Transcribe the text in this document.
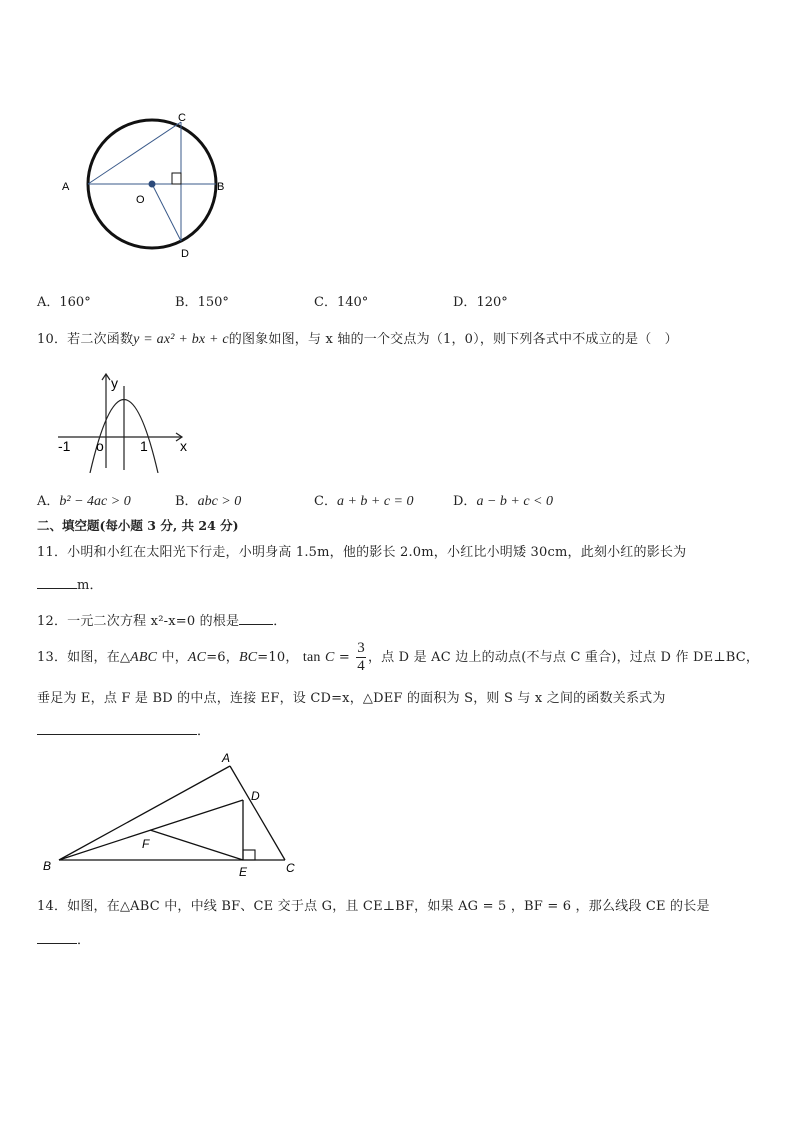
C
A	B
O
D
A．160°	B．150°	C．140°	D．120°
10．若二次函数y = ax² + bx + c的图象如图，与 x 轴的一个交点为（1，0），则下列各式中不成立的是（　）
y
x
-1 o	1
A．b² − 4ac > 0	B．abc > 0	C．a + b + c = 0	D．a − b + c < 0
二、填空题(每小题 3 分, 共 24 分)
11．小明和小红在太阳光下行走，小明身高 1.5m，他的影长 2.0m，小红比小明矮 30cm，此刻小红的影长为
m．
12．一元二次方程 x²-x=0 的根是	．
13．如图，在△ABC 中，AC=6，BC=10， $\tan C = \frac{3}{4}$ ，点 D 是 AC 边上的动点(不与点 C 重合)，过点 D 作 DE⊥BC，
垂足为 E，点 F 是 BD 的中点，连接 EF，设 CD=x，△DEF 的面积为 S，则 S 与 x 之间的函数关系式为
．
A
D
F
B	E	C
14．如图，在△ABC 中，中线 BF、CE 交于点 G，且 CE⊥BF，如果 AG = 5 ，BF = 6 ，那么线段 CE 的长是
．
